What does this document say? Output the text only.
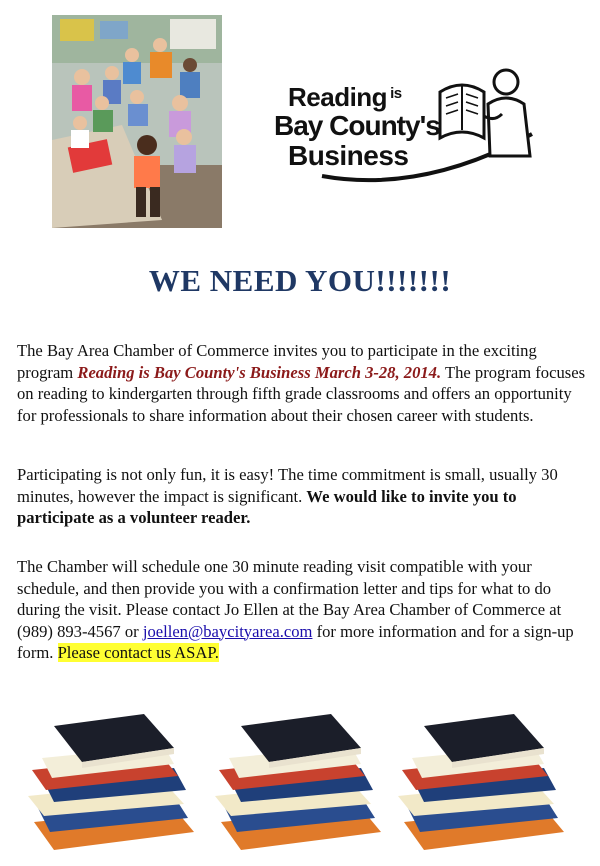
Reading $^{is}$
Bay County's
Business
WE NEED YOU!!!!!!!

The Bay Area Chamber of Commerce invites you to participate in the exciting program Reading is Bay County's Business March 3-28, 2014. The program focuses on reading to kindergarten through fifth grade classrooms and offers an opportunity for professionals to share information about their chosen career with students.

Participating is not only fun, it is easy! The time commitment is small, usually 30 minutes, however the impact is significant. We would like to invite you to participate as a volunteer reader.

The Chamber will schedule one 30 minute reading visit compatible with your schedule, and then provide you with a confirmation letter and tips for what to do during the visit. Please contact Jo Ellen at the Bay Area Chamber of Commerce at (989) 893-4567 or joellen@baycityarea.com for more information and for a sign-up form. Please contact us ASAP.
